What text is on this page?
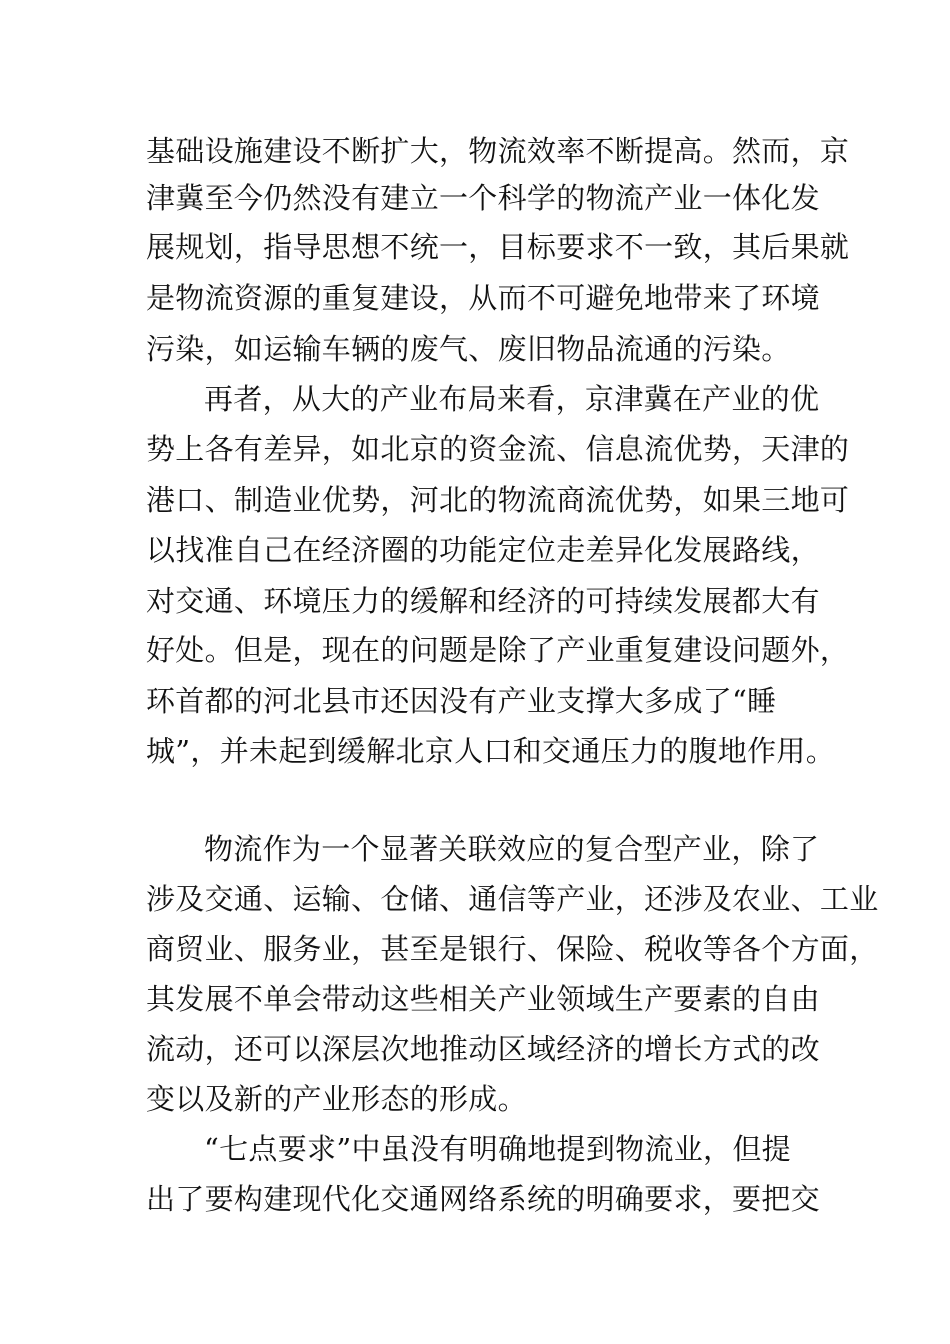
基础设施建设不断扩大，物流效率不断提高。然而，京
津冀至今仍然没有建立一个科学的物流产业一体化发
展规划，指导思想不统一，目标要求不一致，其后果就
是物流资源的重复建设，从而不可避免地带来了环境
污染，如运输车辆的废气、废旧物品流通的污染。
再者，从大的产业布局来看，京津冀在产业的优
势上各有差异，如北京的资金流、信息流优势，天津的
港口、制造业优势，河北的物流商流优势，如果三地可
以找准自己在经济圈的功能定位走差异化发展路线，
对交通、环境压力的缓解和经济的可持续发展都大有
好处。但是，现在的问题是除了产业重复建设问题外，
环首都的河北县市还因没有产业支撑大多成了“睡
城”，并未起到缓解北京人口和交通压力的腹地作用。
物流作为一个显著关联效应的复合型产业，除了
涉及交通、运输、仓储、通信等产业，还涉及农业、工业
商贸业、服务业，甚至是银行、保险、税收等各个方面，
其发展不单会带动这些相关产业领域生产要素的自由
流动，还可以深层次地推动区域经济的增长方式的改
变以及新的产业形态的形成。
“七点要求”中虽没有明确地提到物流业，但提
出了要构建现代化交通网络系统的明确要求，要把交
